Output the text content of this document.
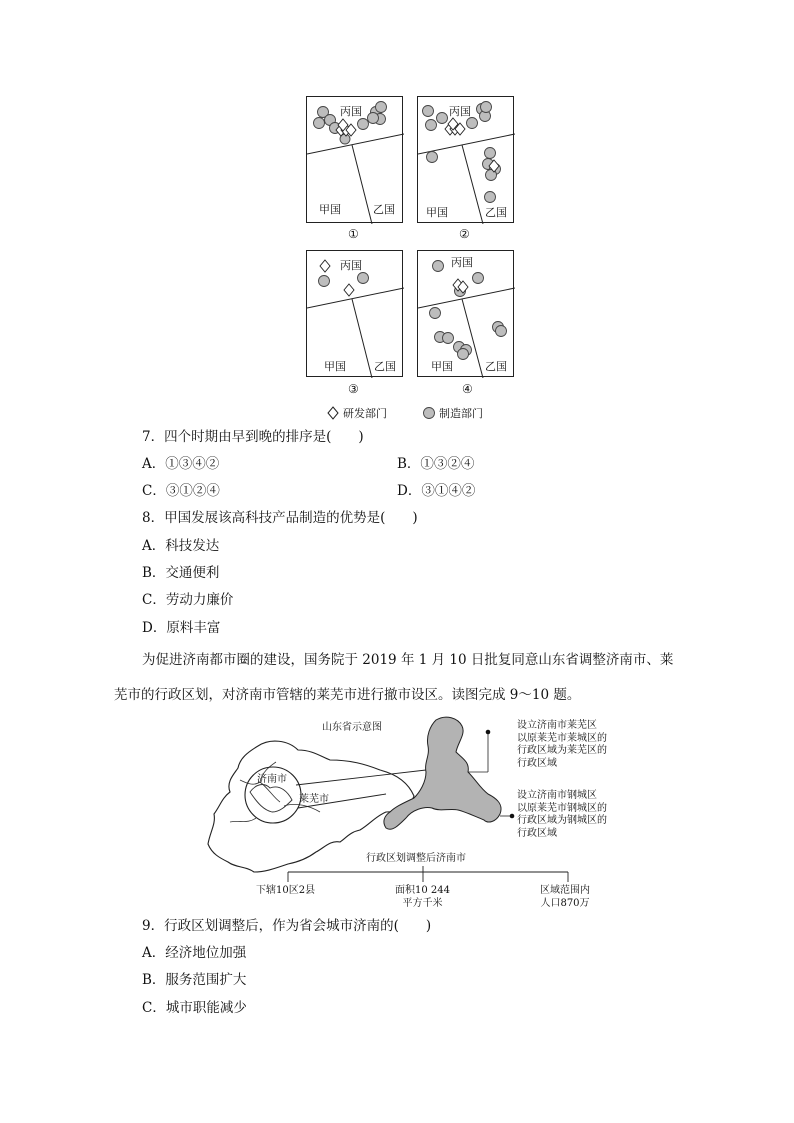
丙国
甲国	乙国
①
丙国
甲国	乙国
②
丙国
甲国	乙国
③
丙国
甲国	乙国
④
研发部门	制造部门
7．四个时期由早到晚的排序是(　　)
A．①③④②	B．①③②④
C．③①②④	D．③①④②
8．甲国发展该高科技产品制造的优势是(　　)
A．科技发达
B．交通便利
C．劳动力廉价
D．原料丰富
为促进济南都市圈的建设，国务院于 2019 年 1 月 10 日批复同意山东省调整济南市、莱
芜市的行政区划，对济南市管辖的莱芜市进行撤市设区。读图完成 9～10 题。
山东省示意图
济南市
莱芜市
设立济南市莱芜区
以原莱芜市莱城区的
行政区域为莱芜区的
行政区域
设立济南市钢城区
以原莱芜市钢城区的
行政区域为钢城区的
行政区域
行政区划调整后济南市
下辖10区2县	面积10 244
平方千米
区域范围内
人口870万
9．行政区划调整后，作为省会城市济南的(　　)
A．经济地位加强
B．服务范围扩大
C．城市职能减少
